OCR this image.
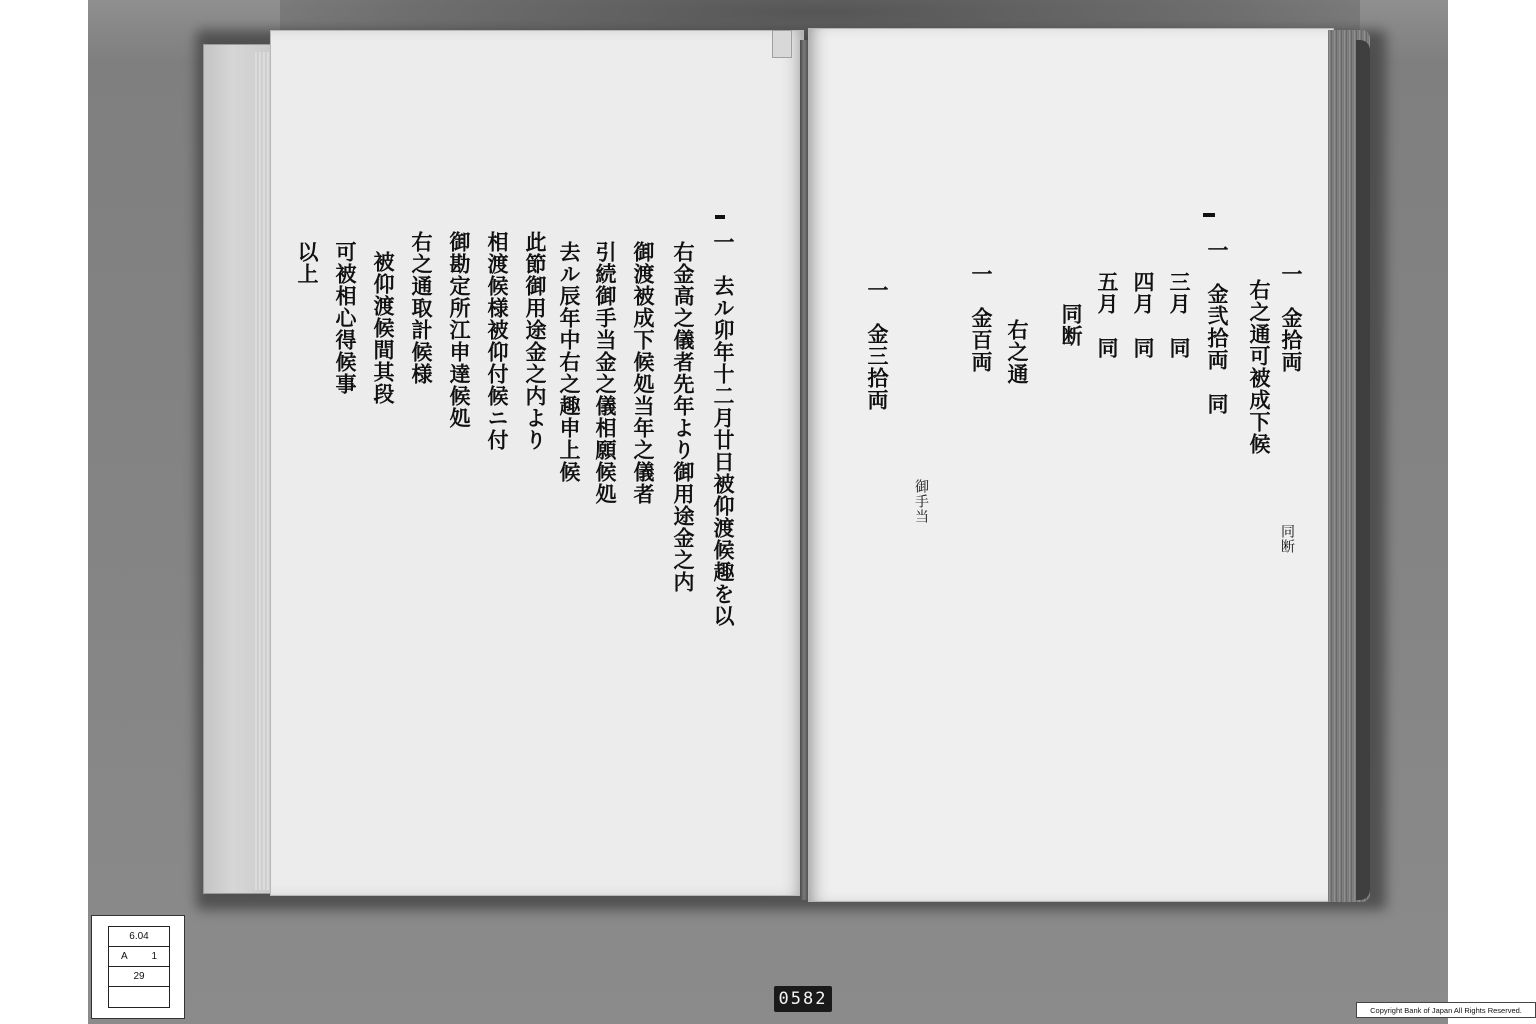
一　去ル卯年十二月廿日被仰渡候趣を以
右金高之儀者先年より御用途金之内
御渡被成下候処当年之儀者
引続御手当金之儀相願候処
去ル辰年中右之趣申上候
此節御用途金之内より
相渡候様被仰付候ニ付
御勘定所江申達候処
右之通取計候様
被仰渡候間其段
可被相心得候事
以上	一　金拾両　
右之通可被成下候
　同断
一　金弐拾両　同
　三月　同
　四月　同
　五月　同
　　同断
　右之通
一　金百両　
　　御手当
一　金三拾両
6.04
A 1
29
0582
Copyright Bank of Japan All Rights Reserved.
